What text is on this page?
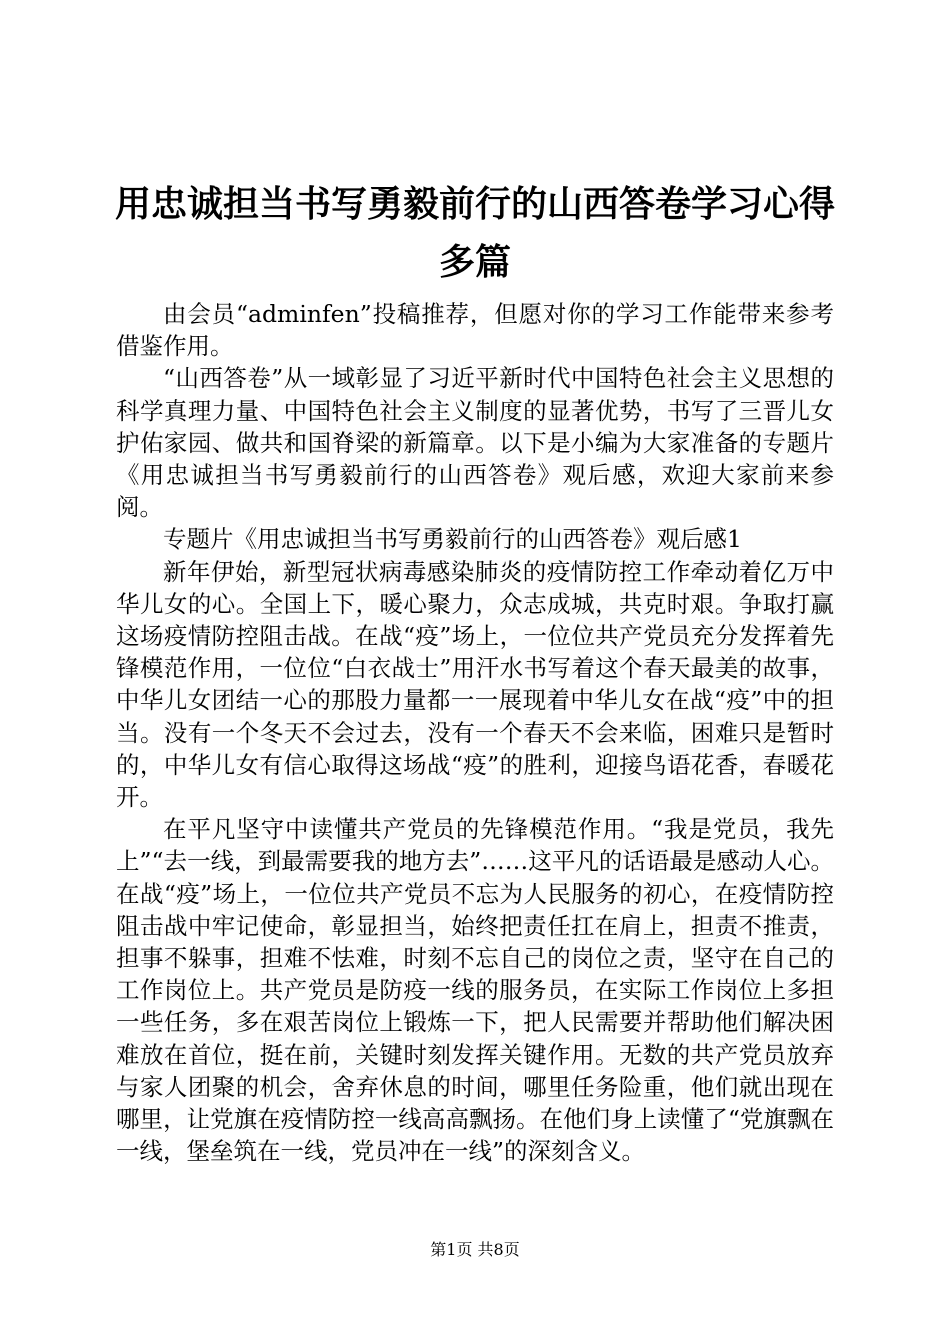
用忠诚担当书写勇毅前行的山西答卷学习心得多篇

由会员“adminfen”投稿推荐，但愿对你的学习工作能带来参考借鉴作用。

“山西答卷”从一域彰显了习近平新时代中国特色社会主义思想的科学真理力量、中国特色社会主义制度的显著优势，书写了三晋儿女护佑家园、做共和国脊梁的新篇章。以下是小编为大家准备的专题片《用忠诚担当书写勇毅前行的山西答卷》观后感，欢迎大家前来参阅。

专题片《用忠诚担当书写勇毅前行的山西答卷》观后感1

新年伊始，新型冠状病毒感染肺炎的疫情防控工作牵动着亿万中华儿女的心。全国上下，暖心聚力，众志成城，共克时艰。争取打赢这场疫情防控阻击战。在战“疫”场上，一位位共产党员充分发挥着先锋模范作用，一位位“白衣战士”用汗水书写着这个春天最美的故事，中华儿女团结一心的那股力量都一一展现着中华儿女在战“疫”中的担当。没有一个冬天不会过去，没有一个春天不会来临，困难只是暂时的，中华儿女有信心取得这场战“疫”的胜利，迎接鸟语花香，春暖花开。

在平凡坚守中读懂共产党员的先锋模范作用。“我是党员，我先上”“去一线，到最需要我的地方去”……这平凡的话语最是感动人心。在战“疫”场上，一位位共产党员不忘为人民服务的初心，在疫情防控阻击战中牢记使命，彰显担当，始终把责任扛在肩上，担责不推责，担事不躲事，担难不怯难，时刻不忘自己的岗位之责，坚守在自己的工作岗位上。共产党员是防疫一线的服务员，在实际工作岗位上多担一些任务，多在艰苦岗位上锻炼一下，把人民需要并帮助他们解决困难放在首位，挺在前，关键时刻发挥关键作用。无数的共产党员放弃与家人团聚的机会，舍弃休息的时间，哪里任务险重，他们就出现在哪里，让党旗在疫情防控一线高高飘扬。在他们身上读懂了“党旗飘在一线，堡垒筑在一线，党员冲在一线”的深刻含义。

第1页 共8页
